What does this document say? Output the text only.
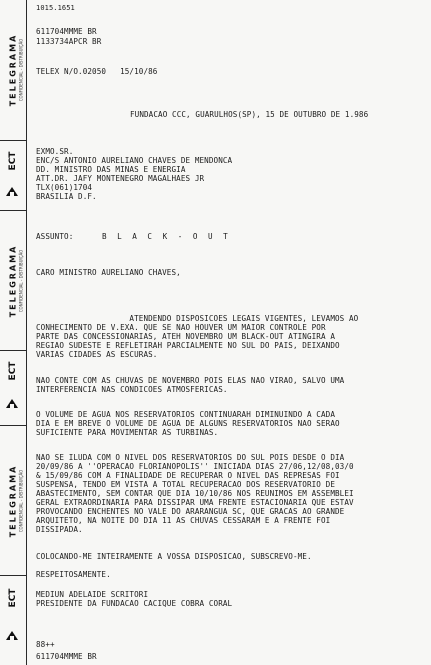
TELEGRAMA CONFIDENCIAL - DISTRIBUIÇÃO
ECT
TELEGRAMA CONFIDENCIAL - DISTRIBUIÇÃO
ECT
TELEGRAMA CONFIDENCIAL - DISTRIBUIÇÃO
ECT
1015.1651
611704MMME BR
1133734APCR BR
TELEX N/O.02050   15/10/86
FUNDACAO CCC, GUARULHOS(SP), 15 DE OUTUBRO DE 1.986
EXMO.SR.
ENC/S ANTONIO AURELIANO CHAVES DE MENDONCA
DD. MINISTRO DAS MINAS E ENERGIA
ATT.DR. JAFY MONTENEGRO MAGALHAES JR
TLX(061)1704
BRASILIA D.F.
ASSUNTO:	B L A C K - O U T
CARO MINISTRO AURELIANO CHAVES,
ATENDENDO DISPOSICOES LEGAIS VIGENTES, LEVAMOS AO
CONHECIMENTO DE V.EXA. QUE SE NAO HOUVER UM MAIOR CONTROLE POR
PARTE DAS CONCESSIONARIAS, ATEH NOVEMBRO UM BLACK-OUT ATINGIRA A
REGIAO SUDESTE E REFLETIRAH PARCIALMENTE NO SUL DO PAIS, DEIXANDO
VARIAS CIDADES AS ESCURAS.
NAO CONTE COM AS CHUVAS DE NOVEMBRO POIS ELAS NAO VIRAO, SALVO UMA
INTERFERENCIA NAS CONDICOES ATMOSFERICAS.
O VOLUME DE AGUA NOS RESERVATORIOS CONTINUARAH DIMINUINDO A CADA
DIA E EM BREVE O VOLUME DE AGUA DE ALGUNS RESERVATORIOS NAO SERAO
SUFICIENTE PARA MOVIMENTAR AS TURBINAS.
NAO SE ILUDA COM O NIVEL DOS RESERVATORIOS DO SUL POIS DESDE O DIA
20/09/86 A ''OPERACAO FLORIANOPOLIS'' INICIADA DIAS 27/06,12/08,03/0
& 15/09/86 COM A FINALIDADE DE RECUPERAR O NIVEL DAS REPRESAS FOI
SUSPENSA, TENDO EM VISTA A TOTAL RECUPERACAO DOS RESERVATORIO DE
ABASTECIMENTO, SEM CONTAR QUE DIA 10/10/86 NOS REUNIMOS EM ASSEMBLEI
GERAL EXTRAORDINARIA PARA DISSIPAR UMA FRENTE ESTACIONARIA QUE ESTAV
PROVOCANDO ENCHENTES NO VALE DO ARARANGUA SC, QUE GRACAS AO GRANDE
ARQUITETO, NA NOITE DO DIA 11 AS CHUVAS CESSARAM E A FRENTE FOI
DISSIPADA.
COLOCANDO-ME INTEIRAMENTE A VOSSA DISPOSICAO, SUBSCREVO-ME.
RESPEITOSAMENTE.
MEDIUN ADELAIDE SCRITORI
PRESIDENTE DA FUNDACAO CACIQUE COBRA CORAL
88++
611704MMME BR
